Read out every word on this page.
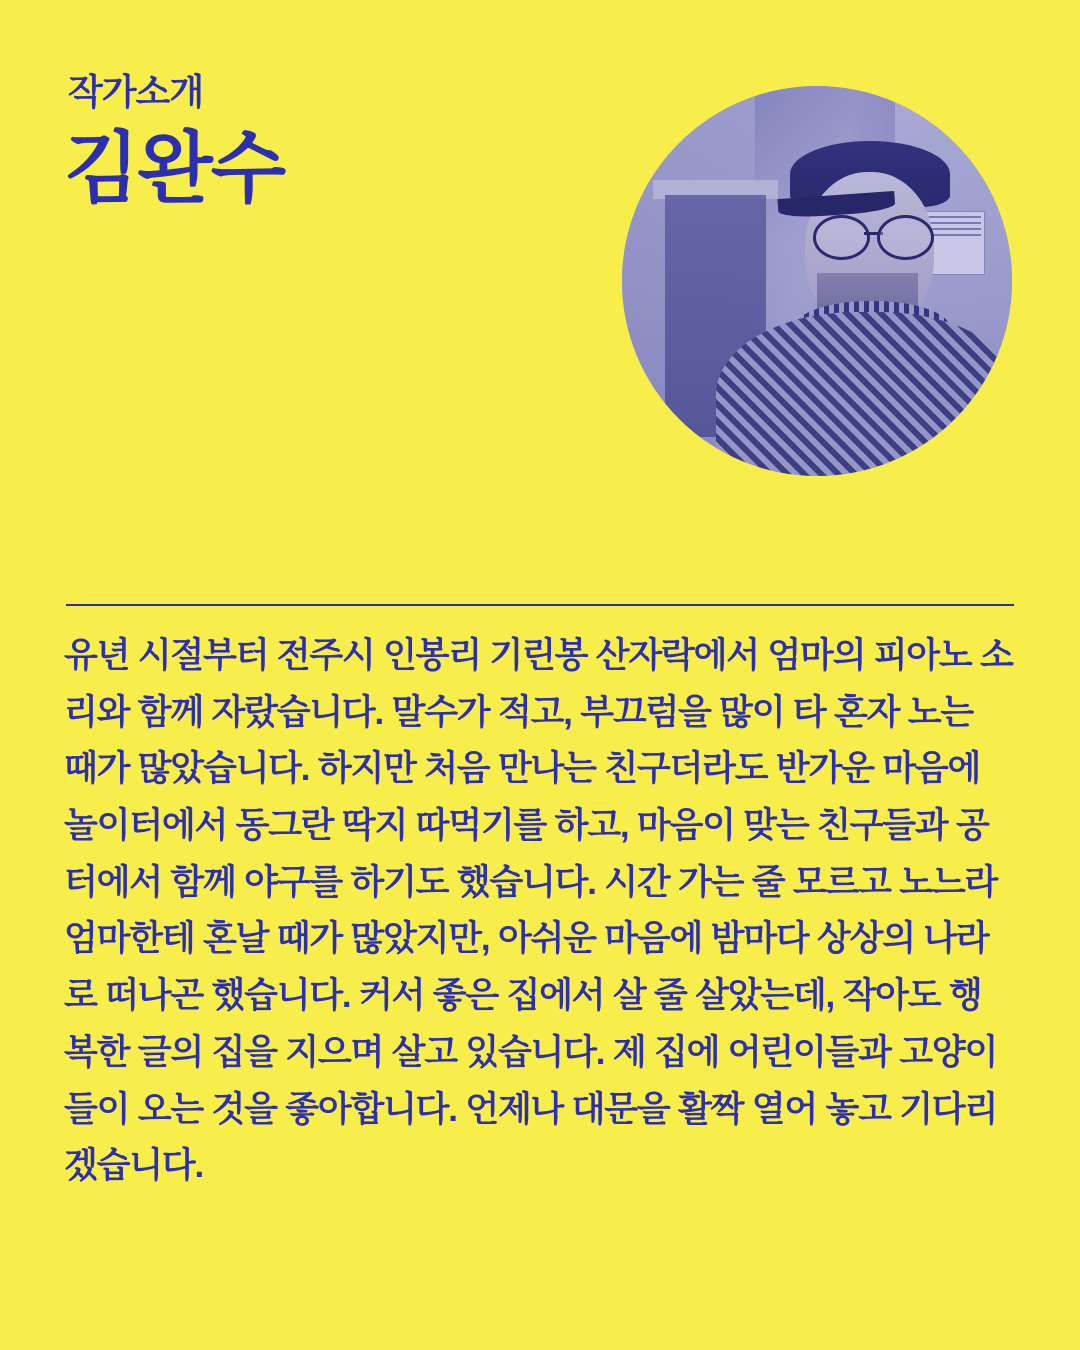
작가소개
김완수
유년 시절부터 전주시 인봉리 기린봉 산자락에서 엄마의 피아노 소리와 함께 자랐습니다. 말수가 적고, 부끄럼을 많이 타 혼자 노는 때가 많았습니다. 하지만 처음 만나는 친구더라도 반가운 마음에 놀이터에서 동그란 딱지 따먹기를 하고, 마음이 맞는 친구들과 공터에서 함께 야구를 하기도 했습니다. 시간 가는 줄 모르고 노느라 엄마한테 혼날 때가 많았지만, 아쉬운 마음에 밤마다 상상의 나라로 떠나곤 했습니다. 커서 좋은 집에서 살 줄 살았는데, 작아도 행복한 글의 집을 지으며 살고 있습니다. 제 집에 어린이들과 고양이들이 오는 것을 좋아합니다. 언제나 대문을 활짝 열어 놓고 기다리겠습니다.
